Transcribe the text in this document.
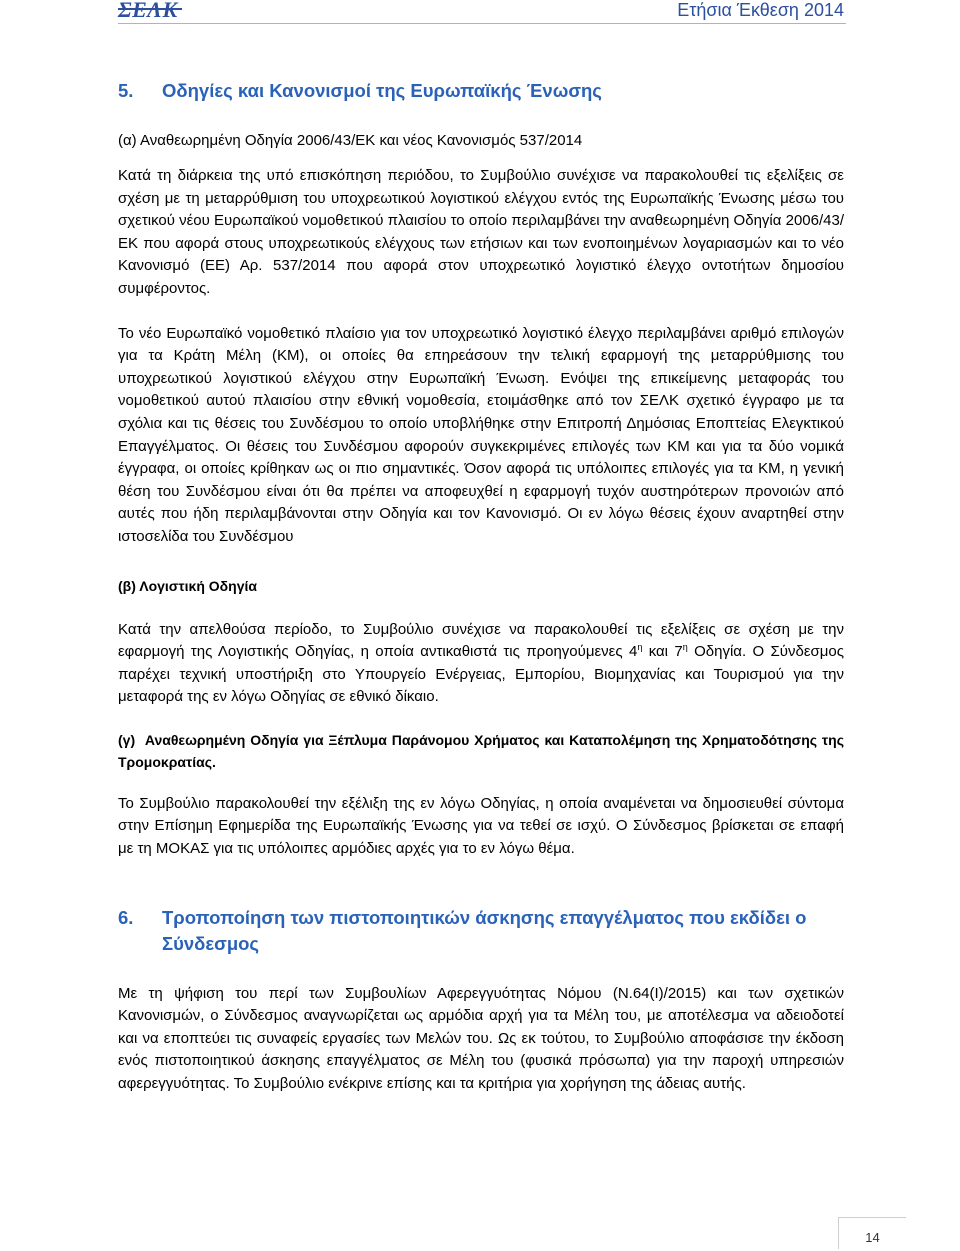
ΣΕΛΚ	Ετήσια Έκθεση 2014
5.	Οδηγίες και Κανονισμοί της Ευρωπαϊκής Ένωσης
(α) Αναθεωρημένη Οδηγία 2006/43/ΕΚ και νέος Κανονισμός 537/2014

Κατά τη διάρκεια της υπό επισκόπηση περιόδου, το Συμβούλιο συνέχισε να παρακολουθεί τις εξελίξεις σε σχέση με τη μεταρρύθμιση του υποχρεωτικού λογιστικού ελέγχου εντός της Ευρωπαϊκής Ένωσης μέσω του σχετικού νέου Ευρωπαϊκού νομοθετικού πλαισίου το οποίο περιλαμβάνει την αναθεωρημένη Οδηγία 2006/43/ΕΚ που αφορά στους υποχρεωτικούς ελέγχους των ετήσιων και των ενοποιημένων λογαριασμών και το νέο Κανονισμό (ΕΕ) Αρ. 537/2014 που αφορά στον υποχρεωτικό λογιστικό έλεγχο οντοτήτων δημοσίου συμφέροντος.

Το νέο Ευρωπαϊκό νομοθετικό πλαίσιο για τον υποχρεωτικό λογιστικό έλεγχο περιλαμβάνει αριθμό επιλογών για τα Κράτη Μέλη (ΚΜ), οι οποίες θα επηρεάσουν την τελική εφαρμογή της μεταρρύθμισης του υποχρεωτικού λογιστικού ελέγχου στην Ευρωπαϊκή Ένωση. Ενόψει της επικείμενης μεταφοράς του νομοθετικού αυτού πλαισίου στην εθνική νομοθεσία, ετοιμάσθηκε από τον ΣΕΛΚ σχετικό έγγραφο με τα σχόλια και τις θέσεις του Συνδέσμου το οποίο υποβλήθηκε στην Επιτροπή Δημόσιας Εποπτείας Ελεγκτικού Επαγγέλματος. Οι θέσεις του Συνδέσμου αφορούν συγκεκριμένες επιλογές των ΚΜ και για τα δύο νομικά έγγραφα, οι οποίες κρίθηκαν ως οι πιο σημαντικές. Όσον αφορά τις υπόλοιπες επιλογές για τα ΚΜ, η γενική θέση του Συνδέσμου είναι ότι θα πρέπει να αποφευχθεί η εφαρμογή τυχόν αυστηρότερων προνοιών από αυτές που ήδη περιλαμβάνονται στην Οδηγία και τον Κανονισμό. Οι εν λόγω θέσεις έχουν αναρτηθεί στην ιστοσελίδα του Συνδέσμου

(β) Λογιστική Οδηγία

Κατά την απελθούσα περίοδο, το Συμβούλιο συνέχισε να παρακολουθεί τις εξελίξεις σε σχέση με την εφαρμογή της Λογιστικής Οδηγίας, η οποία αντικαθιστά τις προηγούμενες $4^\eta$ και $7^\eta$ Οδηγία. Ο Σύνδεσμος παρέχει τεχνική υποστήριξη στο Υπουργείο Ενέργειας, Εμπορίου, Βιομηχανίας και Τουρισμού για την μεταφορά της εν λόγω Οδηγίας σε εθνικό δίκαιο.

(γ) Αναθεωρημένη Οδηγία για Ξέπλυμα Παράνομου Χρήματος και Καταπολέμηση της Χρηματοδότησης της Τρομοκρατίας.

Το Συμβούλιο παρακολουθεί την εξέλιξη της εν λόγω Οδηγίας, η οποία αναμένεται να δημοσιευθεί σύντομα στην Επίσημη Εφημερίδα της Ευρωπαϊκής Ένωσης για να τεθεί σε ισχύ. Ο Σύνδεσμος βρίσκεται σε επαφή με τη ΜΟΚΑΣ για τις υπόλοιπες αρμόδιες αρχές για το εν λόγω θέμα.

6.	Τροποποίηση των πιστοποιητικών άσκησης επαγγέλματος που εκδίδει ο Σύνδεσμος

Με τη ψήφιση του περί των Συμβουλίων Αφερεγγυότητας Νόμου (Ν.64(Ι)/2015) και των σχετικών Κανονισμών, ο Σύνδεσμος αναγνωρίζεται ως αρμόδια αρχή για τα Μέλη του, με αποτέλεσμα να αδειοδοτεί και να εποπτεύει τις συναφείς εργασίες των Μελών του. Ως εκ τούτου, το Συμβούλιο αποφάσισε την έκδοση ενός πιστοποιητικού άσκησης επαγγέλματος σε Μέλη του (φυσικά πρόσωπα) για την παροχή υπηρεσιών αφερεγγυότητας. Το Συμβούλιο ενέκρινε επίσης και τα κριτήρια για χορήγηση της άδειας αυτής.

14
